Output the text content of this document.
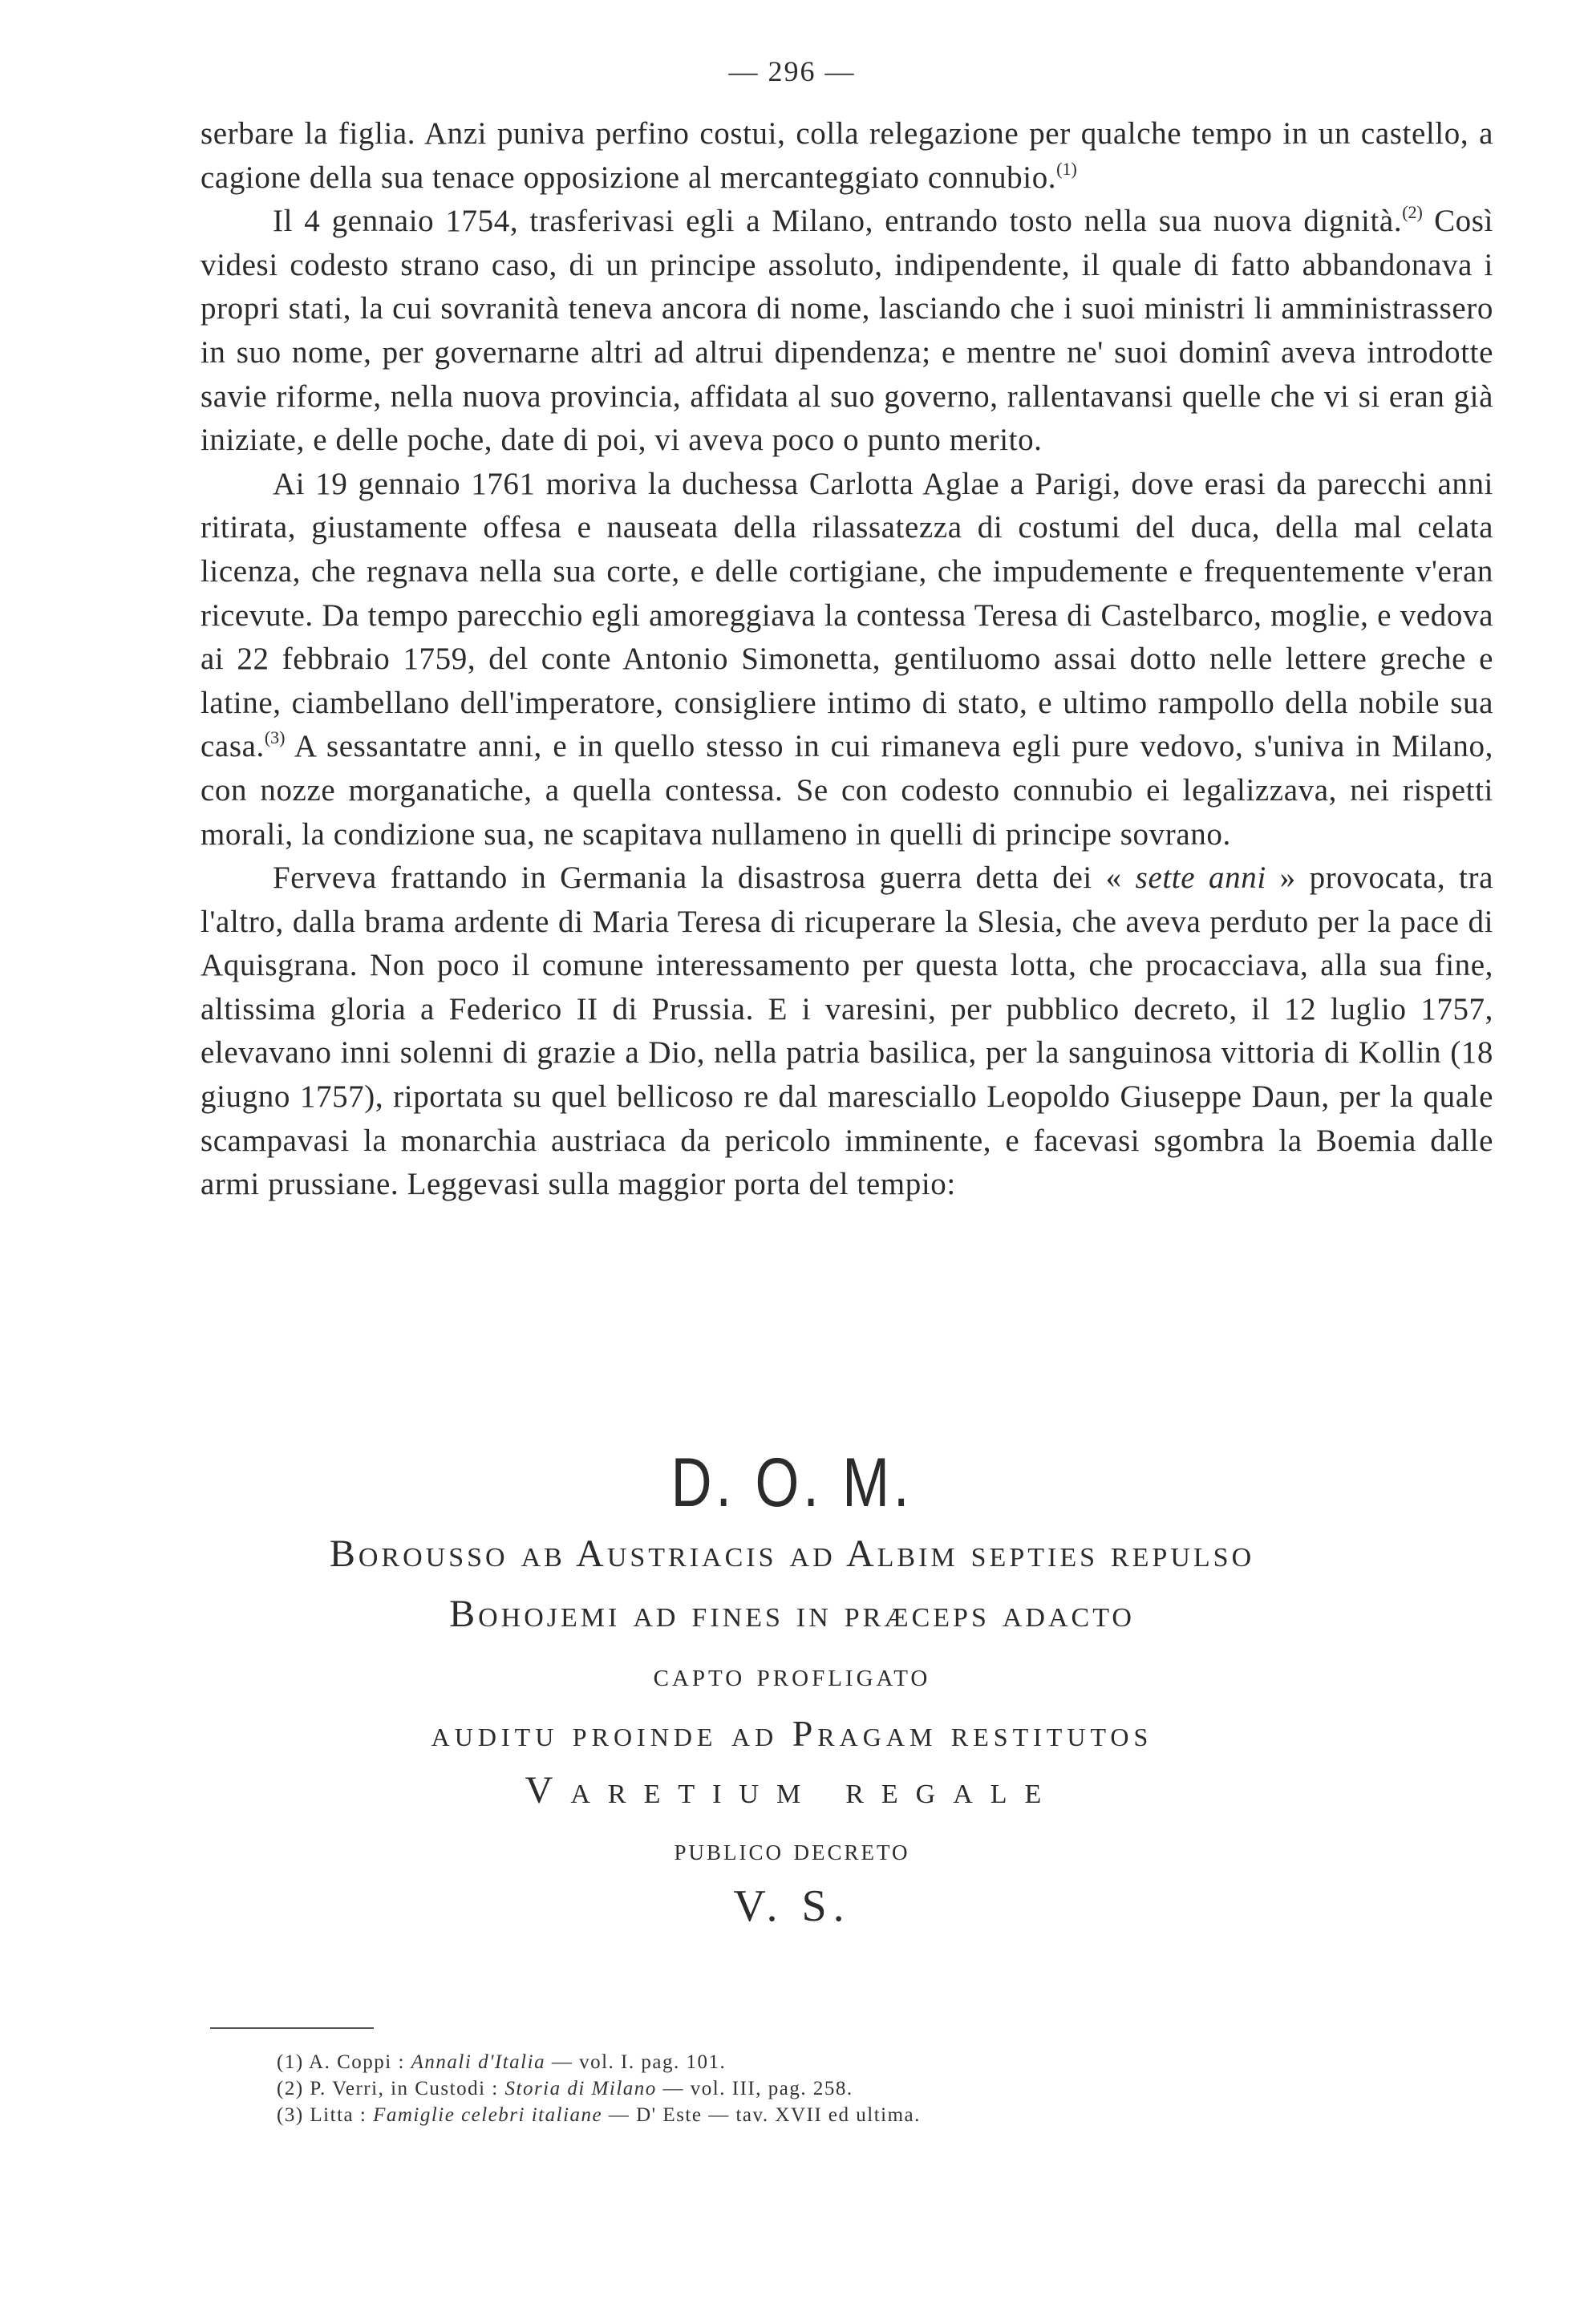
— 296 —

serbare la figlia. Anzi puniva perfino costui, colla relegazione per qualche tempo in un castello, a cagione della sua tenace opposizione al mercanteggiato connubio.$^{(1)}$

Il 4 gennaio 1754, trasferivasi egli a Milano, entrando tosto nella sua nuova dignità.$^{(2)}$ Così videsi codesto strano caso, di un principe assoluto, indipendente, il quale di fatto abbandonava i propri stati, la cui sovranità teneva ancora di nome, lasciando che i suoi ministri li amministrassero in suo nome, per governarne altri ad altrui dipendenza; e mentre ne' suoi dominî aveva introdotte savie riforme, nella nuova provincia, affidata al suo governo, rallentavansi quelle che vi si eran già iniziate, e delle poche, date di poi, vi aveva poco o punto merito.

Ai 19 gennaio 1761 moriva la duchessa Carlotta Aglae a Parigi, dove erasi da parecchi anni ritirata, giustamente offesa e nauseata della rilassatezza di costumi del duca, della mal celata licenza, che regnava nella sua corte, e delle cortigiane, che impudemente e frequentemente v'eran ricevute. Da tempo parecchio egli amoreggiava la contessa Teresa di Castelbarco, moglie, e vedova ai 22 febbraio 1759, del conte Antonio Simonetta, gentiluomo assai dotto nelle lettere greche e latine, ciambellano dell'imperatore, consigliere intimo di stato, e ultimo rampollo della nobile sua casa.$^{(3)}$ A sessantatre anni, e in quello stesso in cui rimaneva egli pure vedovo, s'univa in Milano, con nozze morganatiche, a quella contessa. Se con codesto connubio ei legalizzava, nei rispetti morali, la condizione sua, ne scapitava nullameno in quelli di principe sovrano.

Ferveva frattando in Germania la disastrosa guerra detta dei « sette anni » provocata, tra l'altro, dalla brama ardente di Maria Teresa di ricuperare la Slesia, che aveva perduto per la pace di Aquisgrana. Non poco il comune interessamento per questa lotta, che procacciava, alla sua fine, altissima gloria a Federico II di Prussia. E i varesini, per pubblico decreto, il 12 luglio 1757, elevavano inni solenni di grazie a Dio, nella patria basilica, per la sanguinosa vittoria di Kollin (18 giugno 1757), riportata su quel bellicoso re dal maresciallo Leopoldo Giuseppe Daun, per la quale scampavasi la monarchia austriaca da pericolo imminente, e facevasi sgombra la Boemia dalle armi prussiane. Leggevasi sulla maggior porta del tempio:

D. O. M.
Borousso ab Austriacis ad Albim septies repulso
Bohojemi ad fines in præceps adacto
capto profligato
auditu proinde ad Pragam restitutos
Varetium regale
publico decreto
V. S.
(1) A. Coppi : Annali d'Italia — vol. I. pag. 101.
(2) P. Verri, in Custodi : Storia di Milano — vol. III, pag. 258.
(3) Litta : Famiglie celebri italiane — D' Este — tav. XVII ed ultima.
